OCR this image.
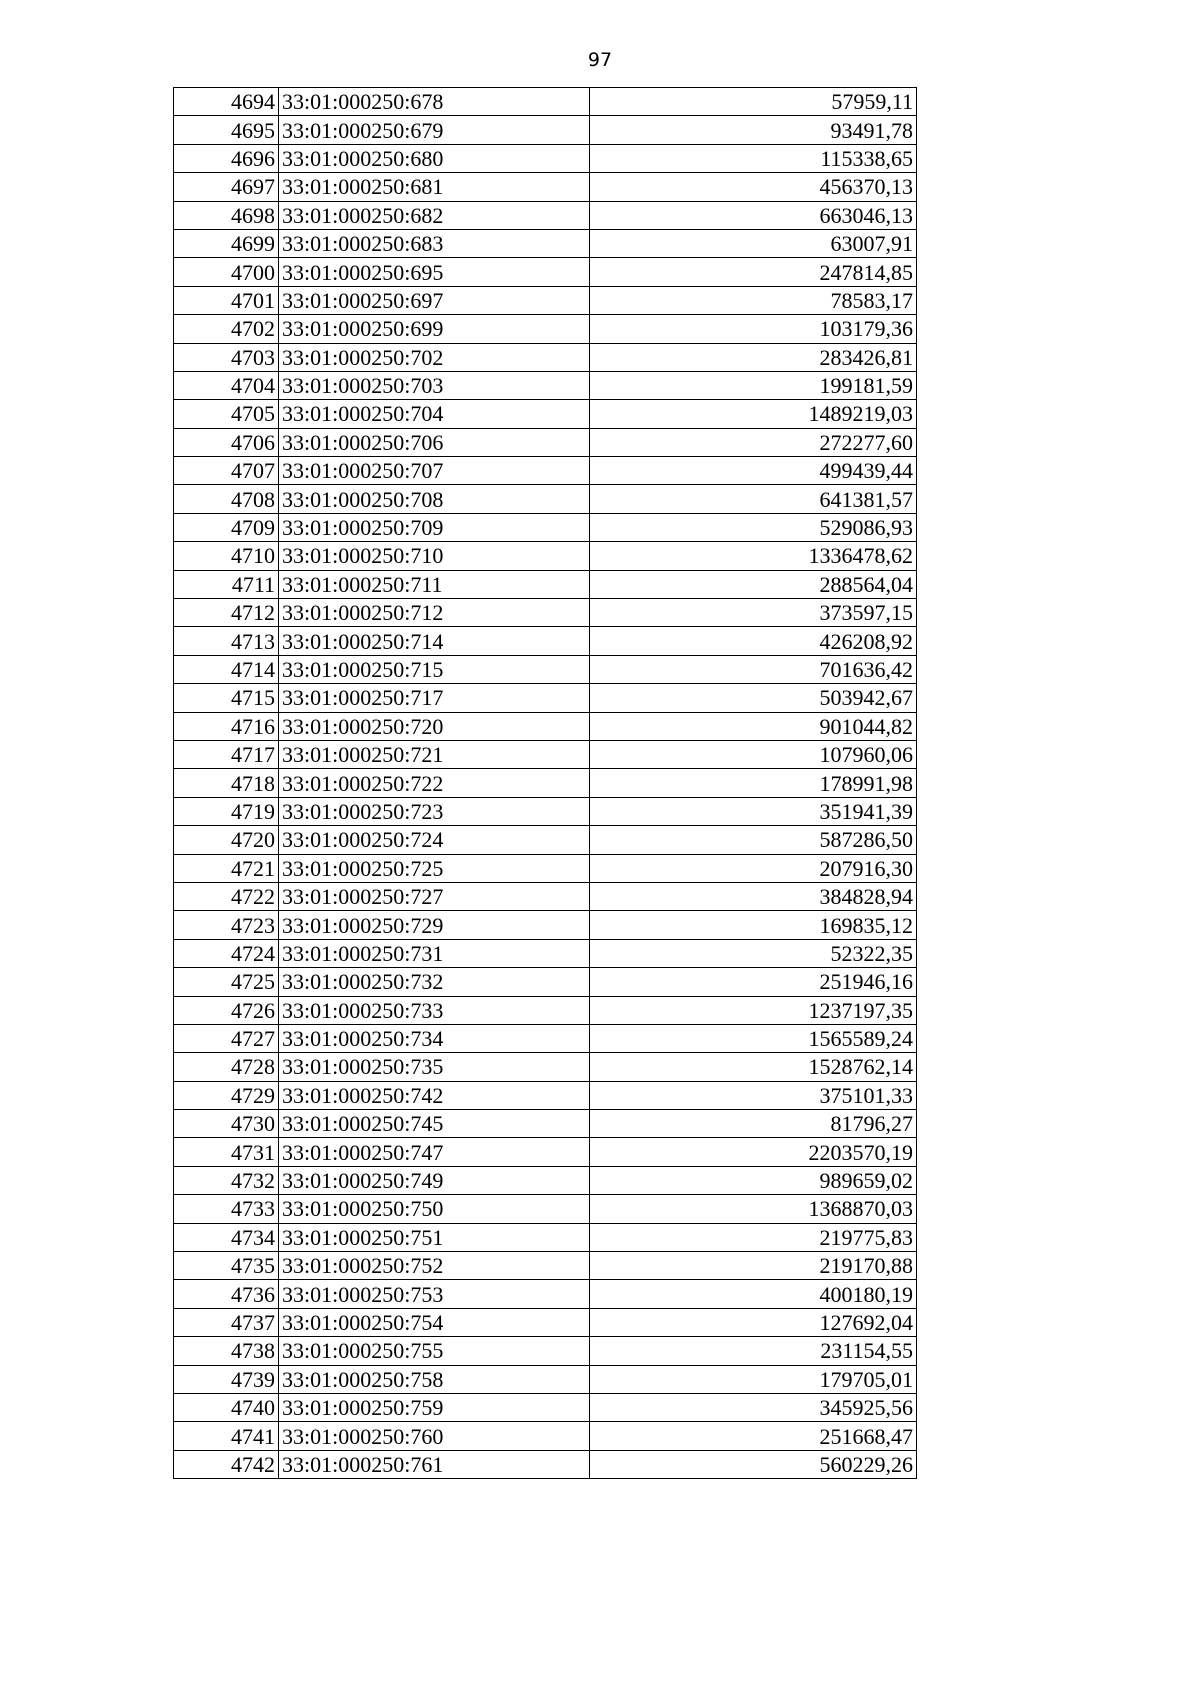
97
4694	33:01:000250:678	57959,11
4695	33:01:000250:679	93491,78
4696	33:01:000250:680	115338,65
4697	33:01:000250:681	456370,13
4698	33:01:000250:682	663046,13
4699	33:01:000250:683	63007,91
4700	33:01:000250:695	247814,85
4701	33:01:000250:697	78583,17
4702	33:01:000250:699	103179,36
4703	33:01:000250:702	283426,81
4704	33:01:000250:703	199181,59
4705	33:01:000250:704	1489219,03
4706	33:01:000250:706	272277,60
4707	33:01:000250:707	499439,44
4708	33:01:000250:708	641381,57
4709	33:01:000250:709	529086,93
4710	33:01:000250:710	1336478,62
4711	33:01:000250:711	288564,04
4712	33:01:000250:712	373597,15
4713	33:01:000250:714	426208,92
4714	33:01:000250:715	701636,42
4715	33:01:000250:717	503942,67
4716	33:01:000250:720	901044,82
4717	33:01:000250:721	107960,06
4718	33:01:000250:722	178991,98
4719	33:01:000250:723	351941,39
4720	33:01:000250:724	587286,50
4721	33:01:000250:725	207916,30
4722	33:01:000250:727	384828,94
4723	33:01:000250:729	169835,12
4724	33:01:000250:731	52322,35
4725	33:01:000250:732	251946,16
4726	33:01:000250:733	1237197,35
4727	33:01:000250:734	1565589,24
4728	33:01:000250:735	1528762,14
4729	33:01:000250:742	375101,33
4730	33:01:000250:745	81796,27
4731	33:01:000250:747	2203570,19
4732	33:01:000250:749	989659,02
4733	33:01:000250:750	1368870,03
4734	33:01:000250:751	219775,83
4735	33:01:000250:752	219170,88
4736	33:01:000250:753	400180,19
4737	33:01:000250:754	127692,04
4738	33:01:000250:755	231154,55
4739	33:01:000250:758	179705,01
4740	33:01:000250:759	345925,56
4741	33:01:000250:760	251668,47
4742	33:01:000250:761	560229,26
